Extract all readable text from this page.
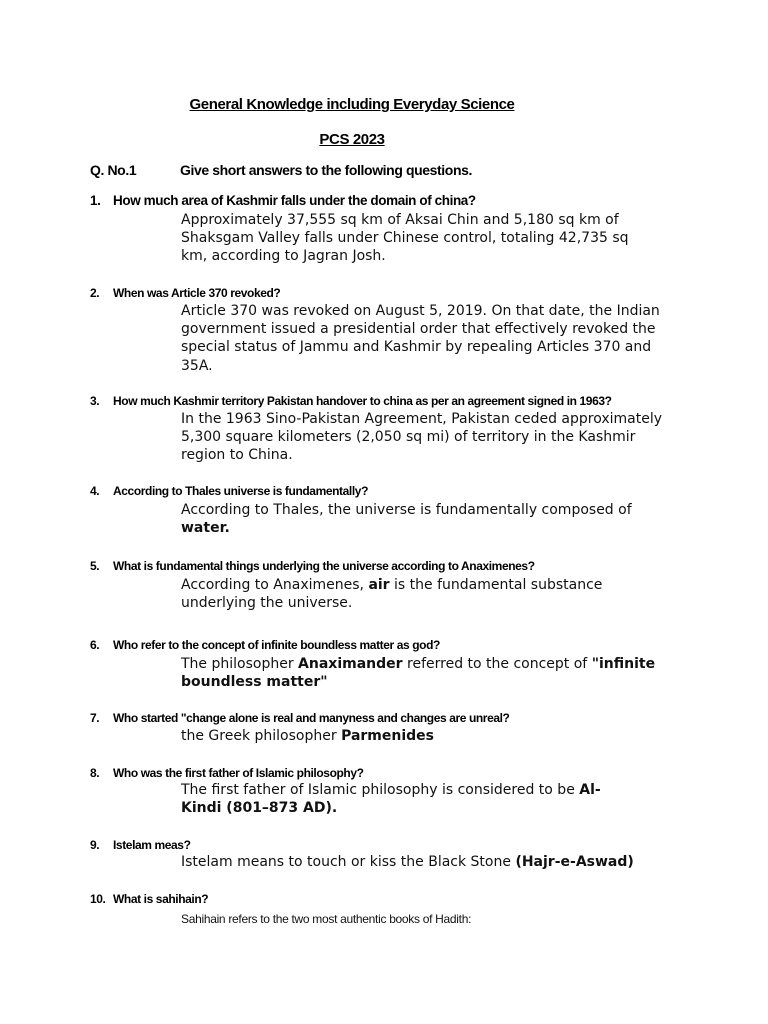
General Knowledge including Everyday Science
PCS 2023
Q. No.1	Give short answers to the following questions.
1. How much area of Kashmir falls under the domain of china?
Approximately 37,555 sq km of Aksai Chin and 5,180 sq km of Shaksgam Valley falls under Chinese control, totaling 42,735 sq km, according to Jagran Josh.
2. When was Article 370 revoked?
Article 370 was revoked on August 5, 2019. On that date, the Indian government issued a presidential order that effectively revoked the special status of Jammu and Kashmir by repealing Articles 370 and 35A.
3. How much Kashmir territory Pakistan handover to china as per an agreement signed in 1963?
In the 1963 Sino-Pakistan Agreement, Pakistan ceded approximately 5,300 square kilometers (2,050 sq mi) of territory in the Kashmir region to China.
4. According to Thales universe is fundamentally?
According to Thales, the universe is fundamentally composed of water.
5. What is fundamental things underlying the universe according to Anaximenes?
According to Anaximenes, air is the fundamental substance underlying the universe.
6. Who refer to the concept of infinite boundless matter as god?
The philosopher Anaximander referred to the concept of "infinite boundless matter"
7. Who started "change alone is real and manyness and changes are unreal?
the Greek philosopher Parmenides
8. Who was the first father of Islamic philosophy?
The first father of Islamic philosophy is considered to be Al-Kindi (801–873 AD).
9. Istelam meas?
Istelam means to touch or kiss the Black Stone (Hajr-e-Aswad)
10. What is sahihain?
Sahihain refers to the two most authentic books of Hadith:
